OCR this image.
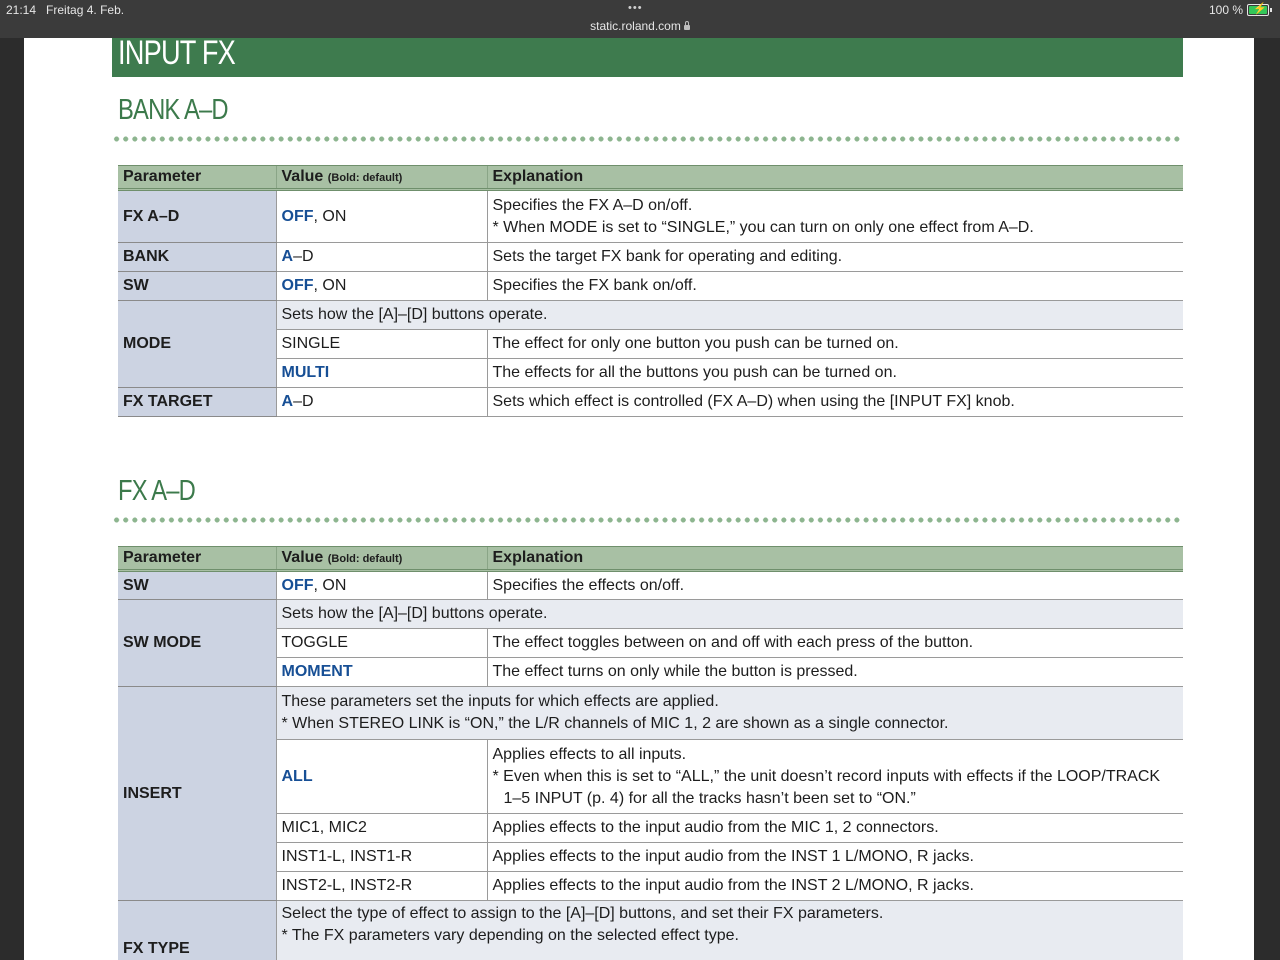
21:14 Freitag 4. Feb.	•••
static.roland.com
100 % ⚡
INPUT FX
BANK A–D
Parameter	Value (Bold: default)	Explanation
FX A–D	OFF, ON	Specifies the FX A–D on/off.
* When MODE is set to “SINGLE,” you can turn on only one effect from A–D.

BANK	A–D	Sets the target FX bank for operating and editing.
SW	OFF, ON	Specifies the FX bank on/off.
MODE	Sets how the [A]–[D] buttons operate.	
	SINGLE	The effect for only one button you push can be turned on.
	MULTI	The effects for all the buttons you push can be turned on.
FX TARGET	A–D	Sets which effect is controlled (FX A–D) when using the [INPUT FX] knob.
FX A–D
Parameter	Value (Bold: default)	Explanation
SW	OFF, ON	Specifies the effects on/off.
SW MODE	Sets how the [A]–[D] buttons operate.	
	TOGGLE	The effect toggles between on and off with each press of the button.
	MOMENT	The effect turns on only while the button is pressed.
INSERT	These parameters set the inputs for which effects are applied.
* When STEREO LINK is “ON,” the L/R channels of MIC 1, 2 are shown as a single connector.	

	ALL	Applies effects to all inputs.
* Even when this is set to “ALL,” the unit doesn’t record inputs with effects if the LOOP/TRACK
1–5 INPUT (p. 4) for all the tracks hasn’t been set to “ON.”

	MIC1, MIC2	Applies effects to the input audio from the MIC 1, 2 connectors.
	INST1-L, INST1-R	Applies effects to the input audio from the INST 1 L/MONO, R jacks.
	INST2-L, INST2-R	Applies effects to the input audio from the INST 2 L/MONO, R jacks.
FX TYPE	Select the type of effect to assign to the [A]–[D] buttons, and set their FX parameters.
* The FX parameters vary depending on the selected effect type.	
